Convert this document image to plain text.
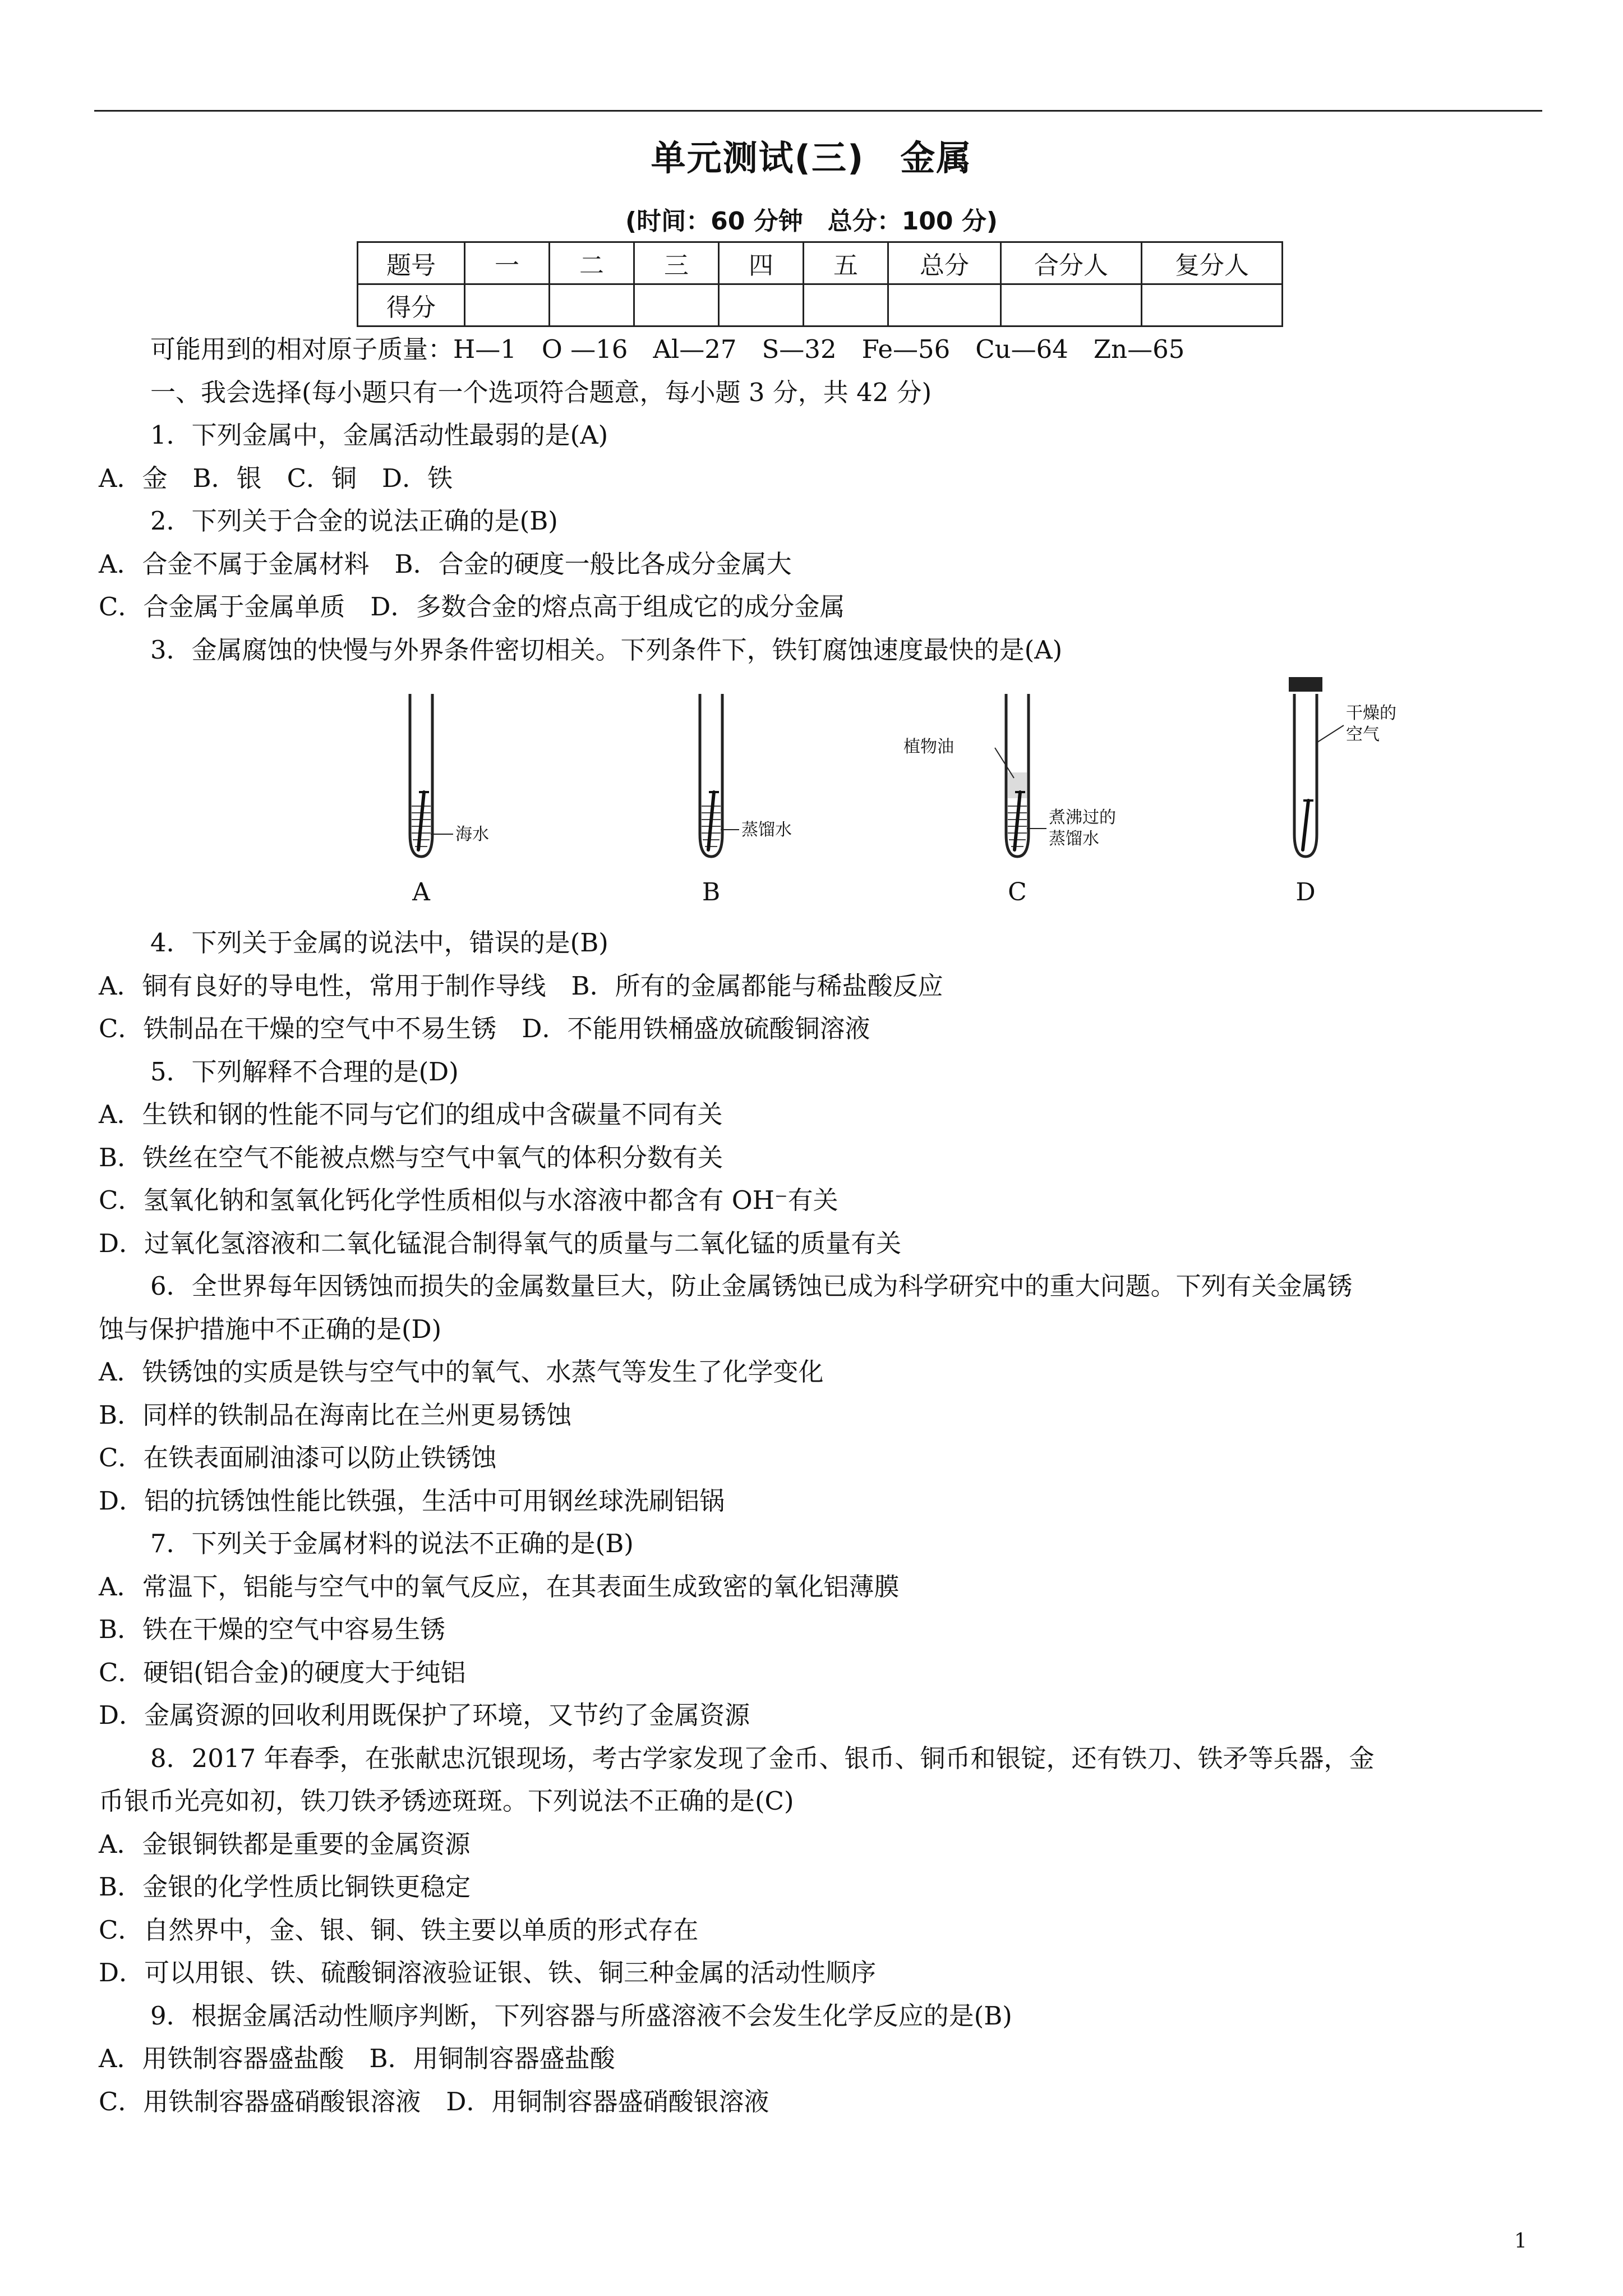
单元测试(三)　金属
(时间：60 分钟　总分：100 分)
题号	一	二	三	四	五	总分	合分人	复分人
得分								
可能用到的相对原子质量：H—1　O —16　Al—27　S—32　Fe—56　Cu—64　Zn—65
一、我会选择(每小题只有一个选项符合题意，每小题 3 分，共 42 分)
1．下列金属中，金属活动性最弱的是(A)
A．金　B．银　C．铜　D．铁
2．下列关于合金的说法正确的是(B)
A．合金不属于金属材料　B．合金的硬度一般比各成分金属大
C．合金属于金属单质　D．多数合金的熔点高于组成它的成分金属
3．金属腐蚀的快慢与外界条件密切相关。下列条件下，铁钉腐蚀速度最快的是(A)
海水	蒸馏水
植物油
煮沸过的
蒸馏水
干燥的
空气
A	B	C	D
4．下列关于金属的说法中，错误的是(B)
A．铜有良好的导电性，常用于制作导线　B．所有的金属都能与稀盐酸反应
C．铁制品在干燥的空气中不易生锈　D．不能用铁桶盛放硫酸铜溶液
5．下列解释不合理的是(D)
A．生铁和钢的性能不同与它们的组成中含碳量不同有关
B．铁丝在空气不能被点燃与空气中氧气的体积分数有关
C．氢氧化钠和氢氧化钙化学性质相似与水溶液中都含有 OH⁻有关
D．过氧化氢溶液和二氧化锰混合制得氧气的质量与二氧化锰的质量有关
6．全世界每年因锈蚀而损失的金属数量巨大，防止金属锈蚀已成为科学研究中的重大问题。下列有关金属锈
蚀与保护措施中不正确的是(D)
A．铁锈蚀的实质是铁与空气中的氧气、水蒸气等发生了化学变化
B．同样的铁制品在海南比在兰州更易锈蚀
C．在铁表面刷油漆可以防止铁锈蚀
D．铝的抗锈蚀性能比铁强，生活中可用钢丝球洗刷铝锅
7．下列关于金属材料的说法不正确的是(B)
A．常温下，铝能与空气中的氧气反应，在其表面生成致密的氧化铝薄膜
B．铁在干燥的空气中容易生锈
C．硬铝(铝合金)的硬度大于纯铝
D．金属资源的回收利用既保护了环境，又节约了金属资源
8．2017 年春季，在张献忠沉银现场，考古学家发现了金币、银币、铜币和银锭，还有铁刀、铁矛等兵器，金
币银币光亮如初，铁刀铁矛锈迹斑斑。下列说法不正确的是(C)
A．金银铜铁都是重要的金属资源
B．金银的化学性质比铜铁更稳定
C．自然界中，金、银、铜、铁主要以单质的形式存在
D．可以用银、铁、硫酸铜溶液验证银、铁、铜三种金属的活动性顺序
9．根据金属活动性顺序判断，下列容器与所盛溶液不会发生化学反应的是(B)
A．用铁制容器盛盐酸　B．用铜制容器盛盐酸
C．用铁制容器盛硝酸银溶液　D．用铜制容器盛硝酸银溶液
1
